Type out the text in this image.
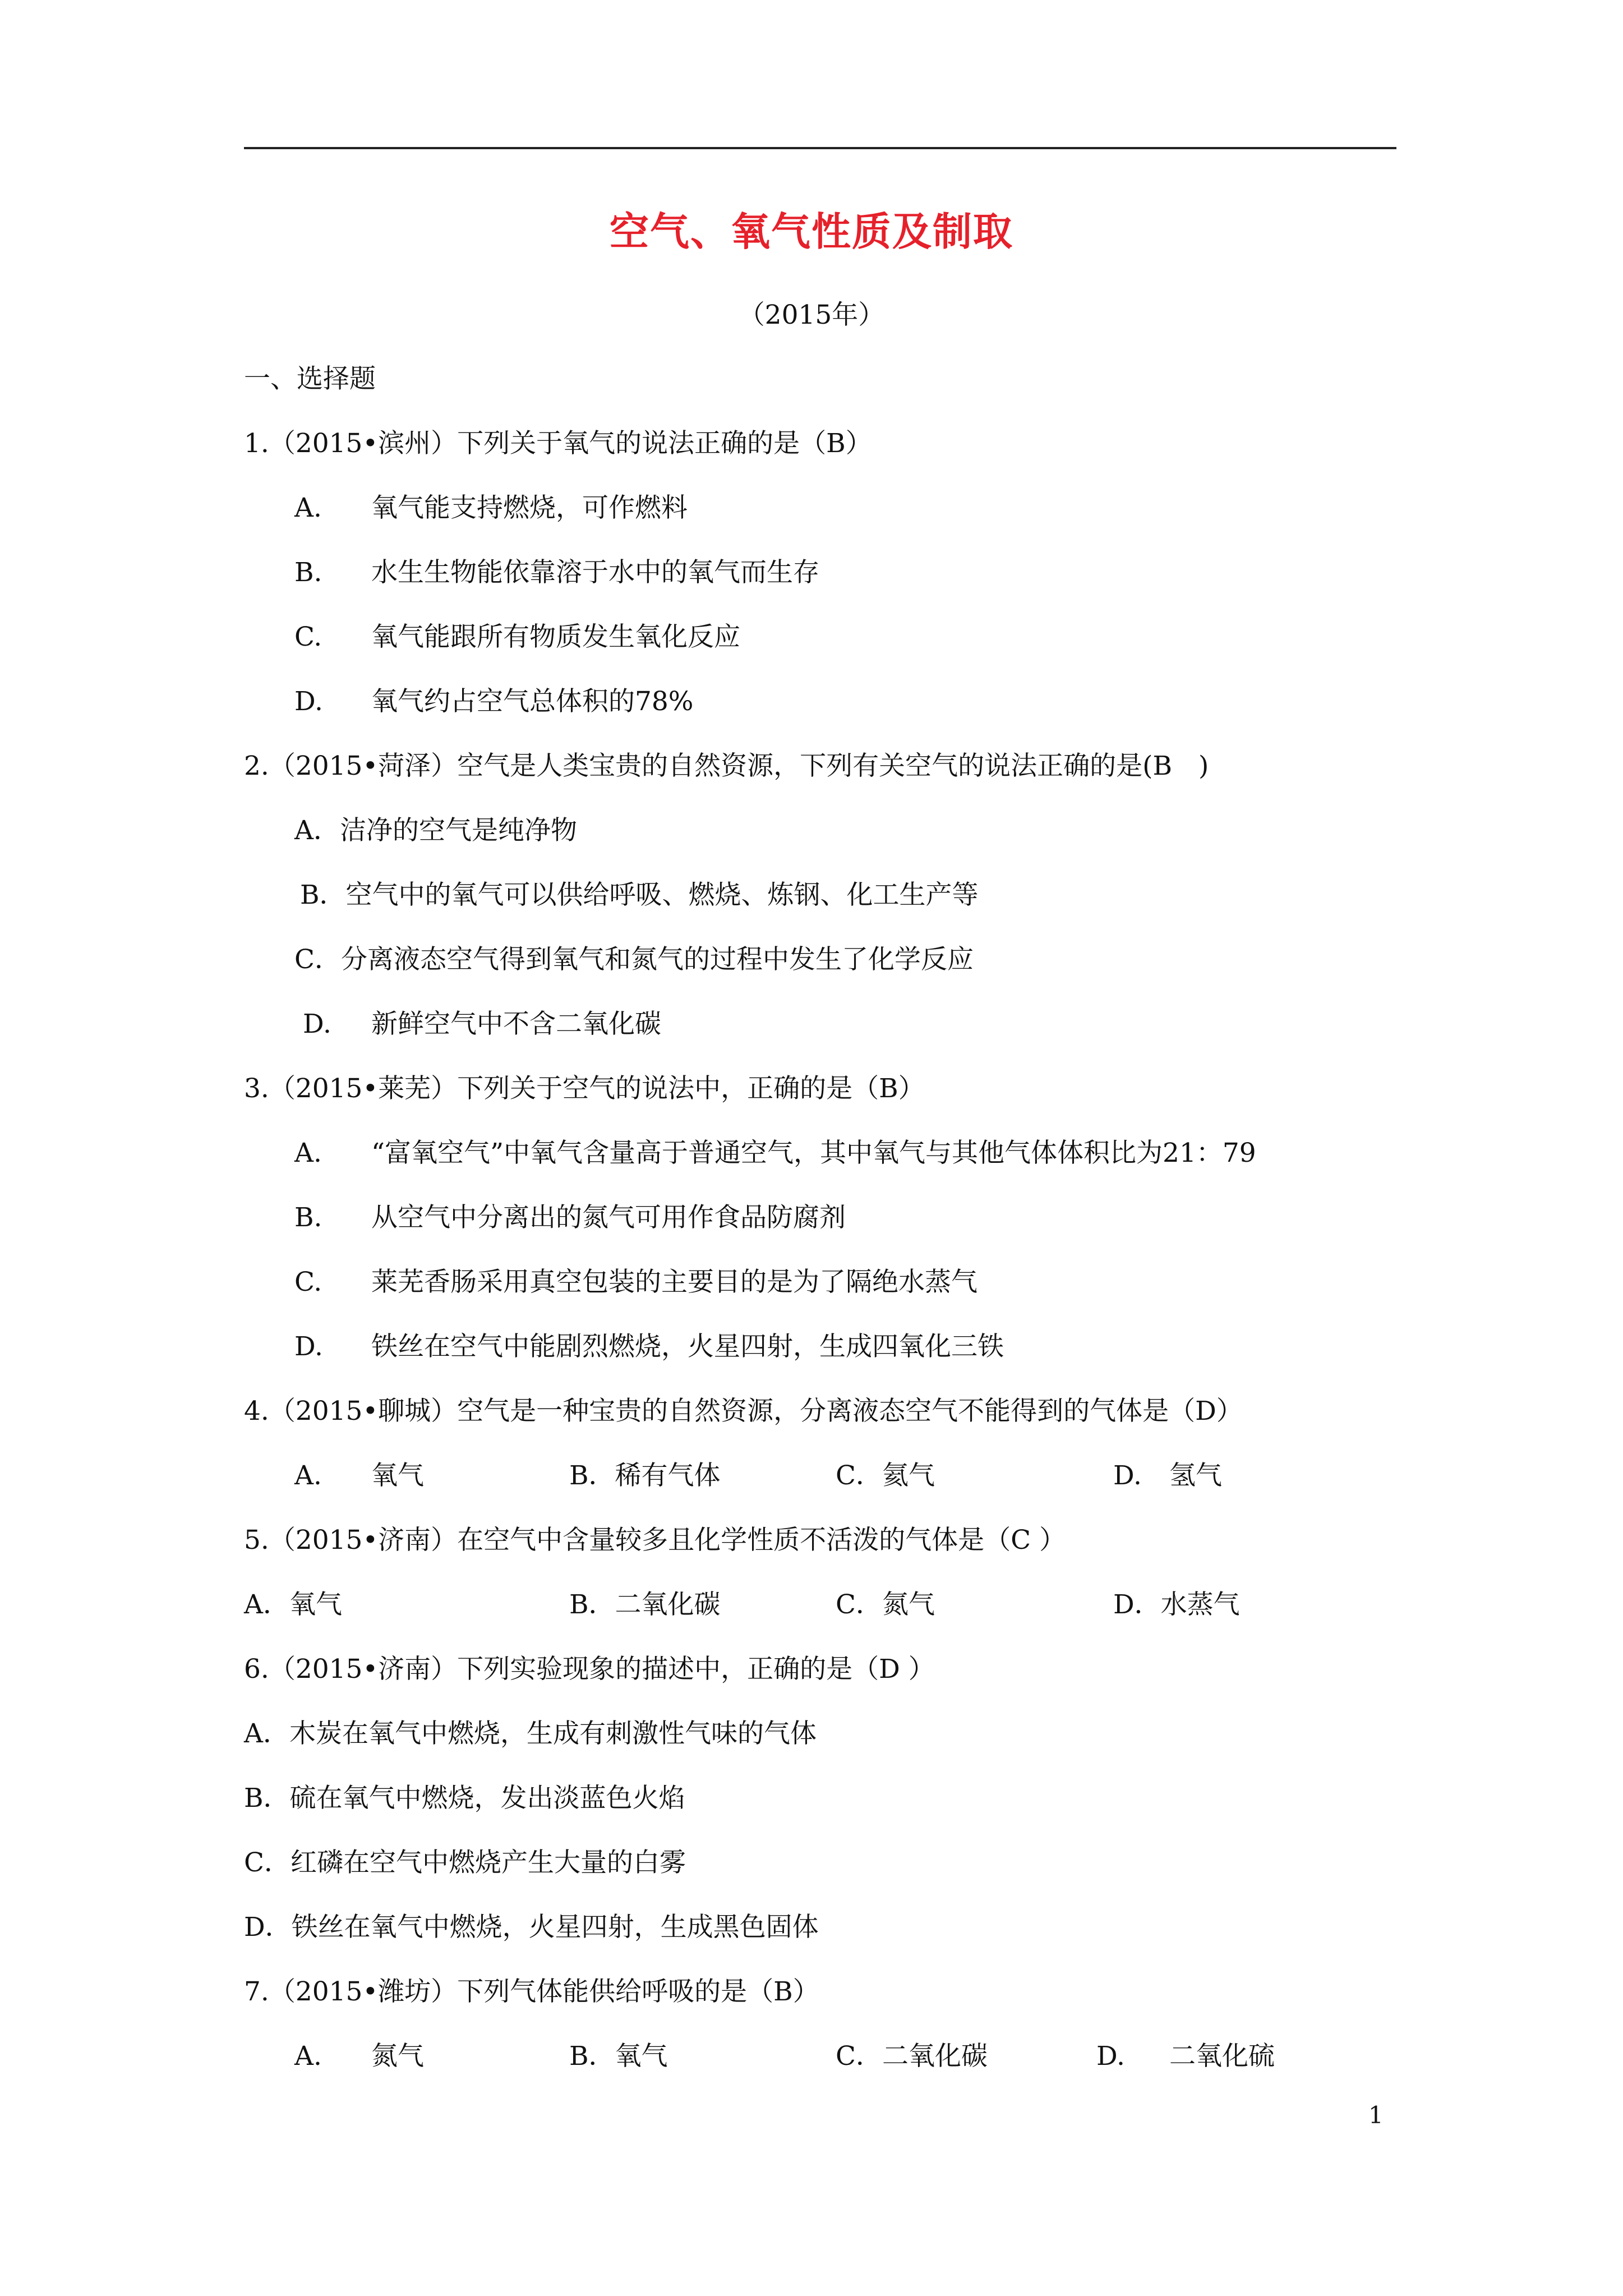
空气、氧气性质及制取
（2015年）
一、选择题
1.（2015•滨州）下列关于氧气的说法正确的是（B）
A. 氧气能支持燃烧，可作燃料
B. 水生生物能依靠溶于水中的氧气而生存
C. 氧气能跟所有物质发生氧化反应
D. 氧气约占空气总体积的78%
2.（2015•菏泽）空气是人类宝贵的自然资源，下列有关空气的说法正确的是(B　)
A．洁净的空气是纯净物
B．空气中的氧气可以供给呼吸、燃烧、炼钢、化工生产等
C．分离液态空气得到氧气和氮气的过程中发生了化学反应
D. 新鲜空气中不含二氧化碳
3.（2015•莱芜）下列关于空气的说法中，正确的是（B）
A. “富氧空气”中氧气含量高于普通空气，其中氧气与其他气体体积比为21：79
B. 从空气中分离出的氮气可用作食品防腐剂
C. 莱芜香肠采用真空包装的主要目的是为了隔绝水蒸气
D. 铁丝在空气中能剧烈燃烧，火星四射，生成四氧化三铁
4.（2015•聊城）空气是一种宝贵的自然资源，分离液态空气不能得到的气体是（D）
A. 氧气	B．稀有气体	C．氦气	D. 氢气
5.（2015•济南）在空气中含量较多且化学性质不活泼的气体是（C ）
A．氧气	B．二氧化碳	C．氮气	D．水蒸气
6.（2015•济南）下列实验现象的描述中，正确的是（D ）
A．木炭在氧气中燃烧，生成有刺激性气味的气体
B．硫在氧气中燃烧，发出淡蓝色火焰
C．红磷在空气中燃烧产生大量的白雾
D．铁丝在氧气中燃烧，火星四射，生成黑色固体
7.（2015•潍坊）下列气体能供给呼吸的是（B）
A. 氮气	B．氧气	C．二氧化碳	D. 二氧化硫
1
